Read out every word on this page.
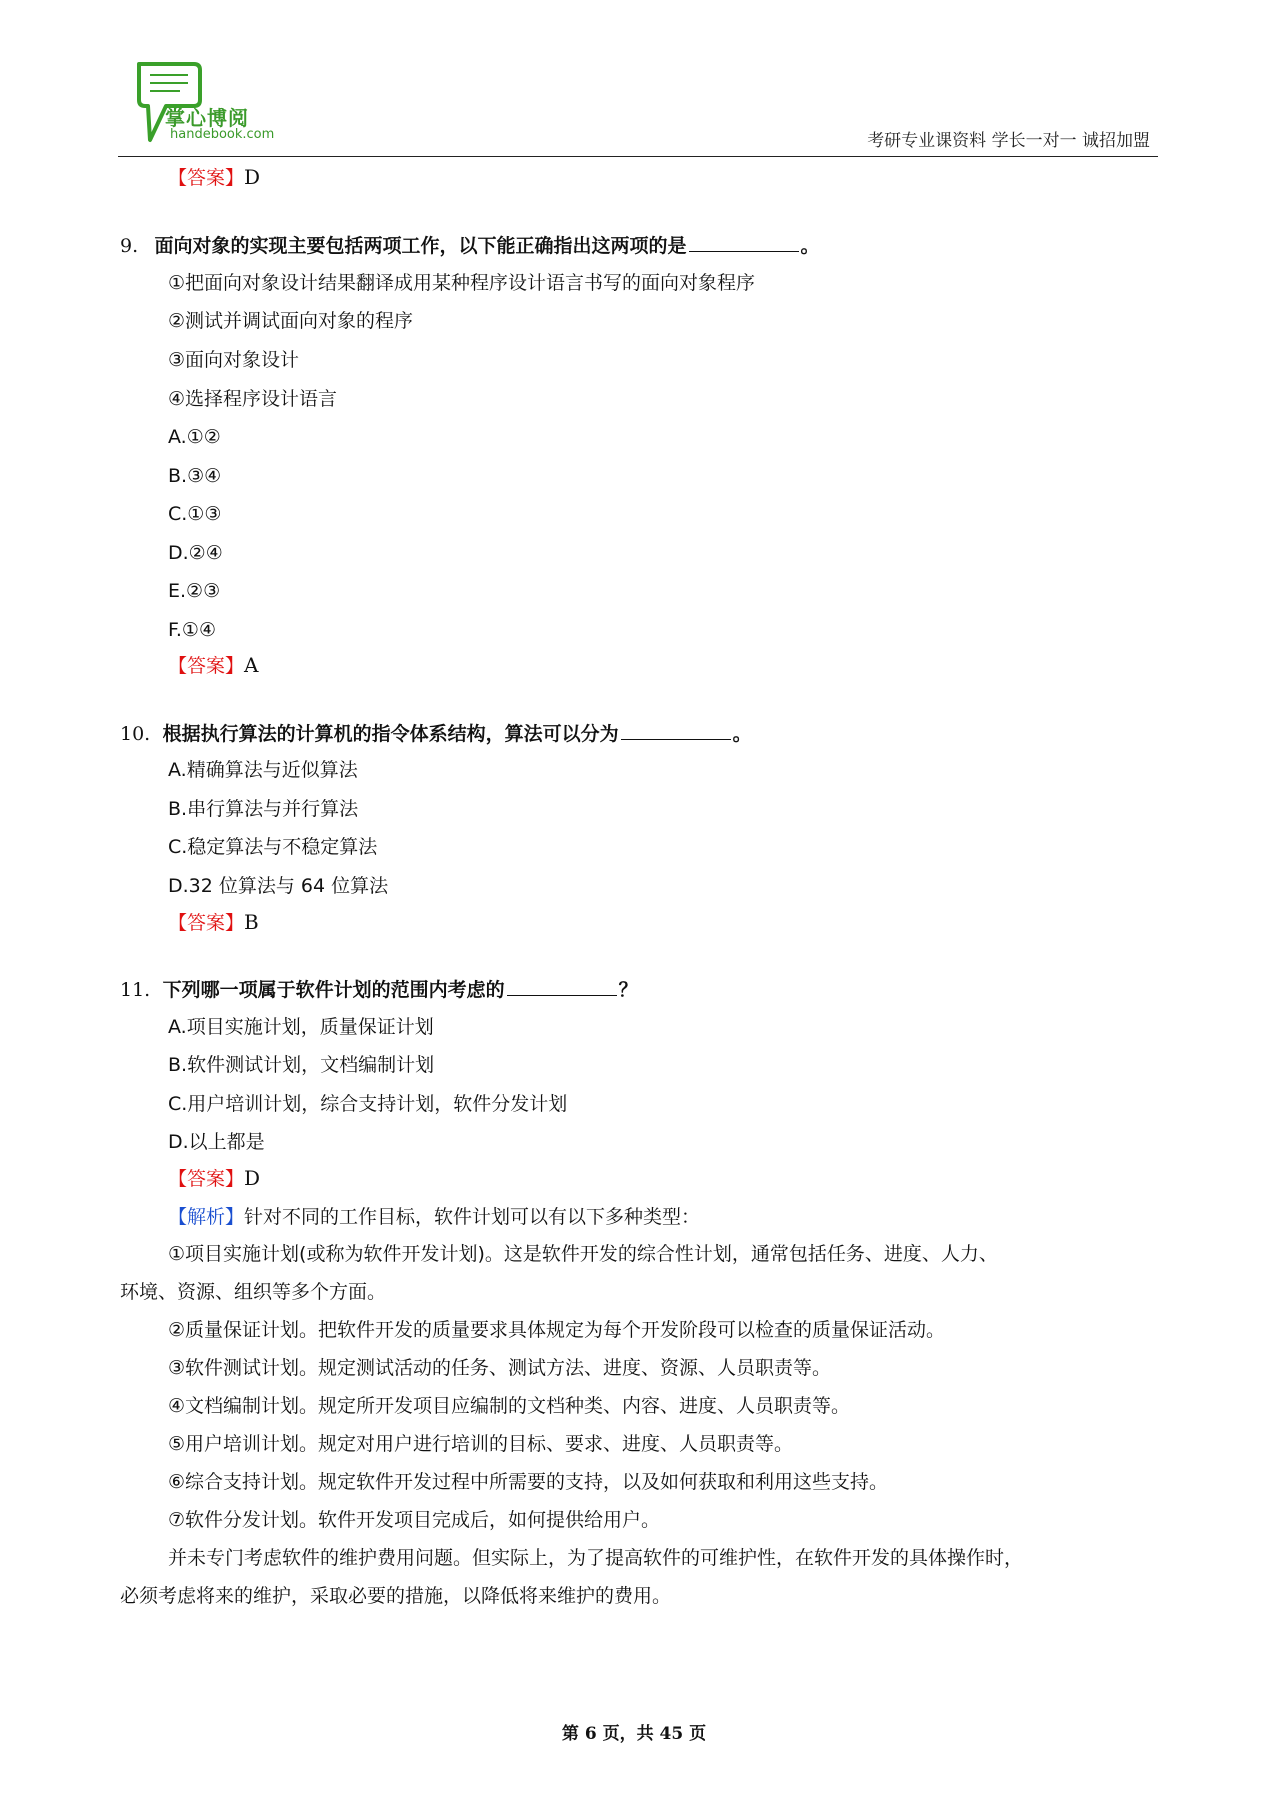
掌心博阅
handebook.com	考研专业课资料 学长一对一 诚招加盟
【答案】D
9. 面向对象的实现主要包括两项工作，以下能正确指出这两项的是	。
①把面向对象设计结果翻译成用某种程序设计语言书写的面向对象程序
②测试并调试面向对象的程序
③面向对象设计
④选择程序设计语言
A.①②
B.③④
C.①③
D.②④
E.②③
F.①④
【答案】A
10. 根据执行算法的计算机的指令体系结构，算法可以分为	。
A.精确算法与近似算法
B.串行算法与并行算法
C.稳定算法与不稳定算法
D.32 位算法与 64 位算法
【答案】B
11. 下列哪一项属于软件计划的范围内考虑的	？
A.项目实施计划，质量保证计划
B.软件测试计划，文档编制计划
C.用户培训计划，综合支持计划，软件分发计划
D.以上都是
【答案】D
【解析】针对不同的工作目标，软件计划可以有以下多种类型：
①项目实施计划(或称为软件开发计划)。这是软件开发的综合性计划，通常包括任务、进度、人力、
环境、资源、组织等多个方面。
②质量保证计划。把软件开发的质量要求具体规定为每个开发阶段可以检查的质量保证活动。
③软件测试计划。规定测试活动的任务、测试方法、进度、资源、人员职责等。
④文档编制计划。规定所开发项目应编制的文档种类、内容、进度、人员职责等。
⑤用户培训计划。规定对用户进行培训的目标、要求、进度、人员职责等。
⑥综合支持计划。规定软件开发过程中所需要的支持，以及如何获取和利用这些支持。
⑦软件分发计划。软件开发项目完成后，如何提供给用户。
并未专门考虑软件的维护费用问题。但实际上，为了提高软件的可维护性，在软件开发的具体操作时，
必须考虑将来的维护，采取必要的措施，以降低将来维护的费用。
第 6 页，共 45 页
